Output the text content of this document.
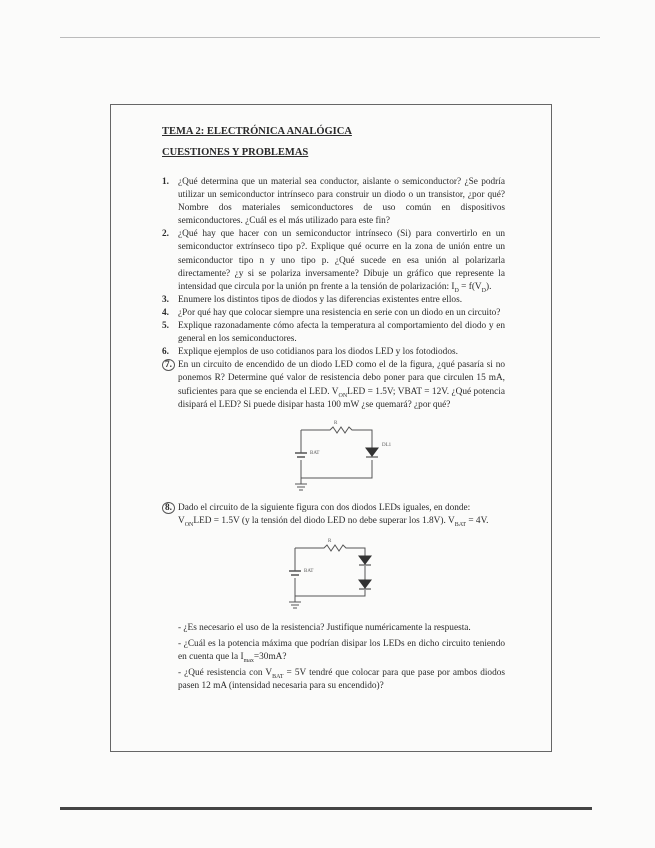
TEMA 2: ELECTRÓNICA ANALÓGICA
CUESTIONES Y PROBLEMAS
1. ¿Qué determina que un material sea conductor, aislante o semiconductor? ¿Se podría utilizar un semiconductor intrínseco para construir un diodo o un transistor, ¿por qué? Nombre dos materiales semiconductores de uso común en dispositivos semiconductores. ¿Cuál es el más utilizado para este fin?
2. ¿Qué hay que hacer con un semiconductor intrínseco (Si) para convertirlo en un semiconductor extrínseco tipo p?. Explique qué ocurre en la zona de unión entre un semiconductor tipo n y uno tipo p. ¿Qué sucede en esa unión al polarizarla directamente? ¿y si se polariza inversamente? Dibuje un gráfico que represente la intensidad que circula por la unión pn frente a la tensión de polarización: $I_D = f(V_D)$.
3. Enumere los distintos tipos de diodos y las diferencias existentes entre ellos.
4. ¿Por qué hay que colocar siempre una resistencia en serie con un diodo en un circuito?
5. Explique razonadamente cómo afecta la temperatura al comportamiento del diodo y en general en los semiconductores.
6. Explique ejemplos de uso cotidianos para los diodos LED y los fotodiodos.
7. En un circuito de encendido de un diodo LED como el de la figura, ¿qué pasaría si no ponemos R? Determine qué valor de resistencia debo poner para que circulen 15 mA, suficientes para que se encienda el LED. $V_{ON}LED = 1.5V$; VBAT = 12V. ¿Qué potencia disipará el LED? Si puede disipar hasta 100 mW ¿se quemará? ¿por qué?
R
BAT
DL1
8. Dado el circuito de la siguiente figura con dos diodos LEDs iguales, en donde: $V_{ON}LED = 1.5V$ (y la tensión del diodo LED no debe superar los 1.8V). $V_{BAT} = 4V$.
R
BAT
- ¿Es necesario el uso de la resistencia? Justifique numéricamente la respuesta.
- ¿Cuál es la potencia máxima que podrían disipar los LEDs en dicho circuito teniendo en cuenta que la $I_{max}=30mA$?
- ¿Qué resistencia con $V_{BAT} = 5V$ tendré que colocar para que pase por ambos diodos pasen 12 mA (intensidad necesaria para su encendido)?
